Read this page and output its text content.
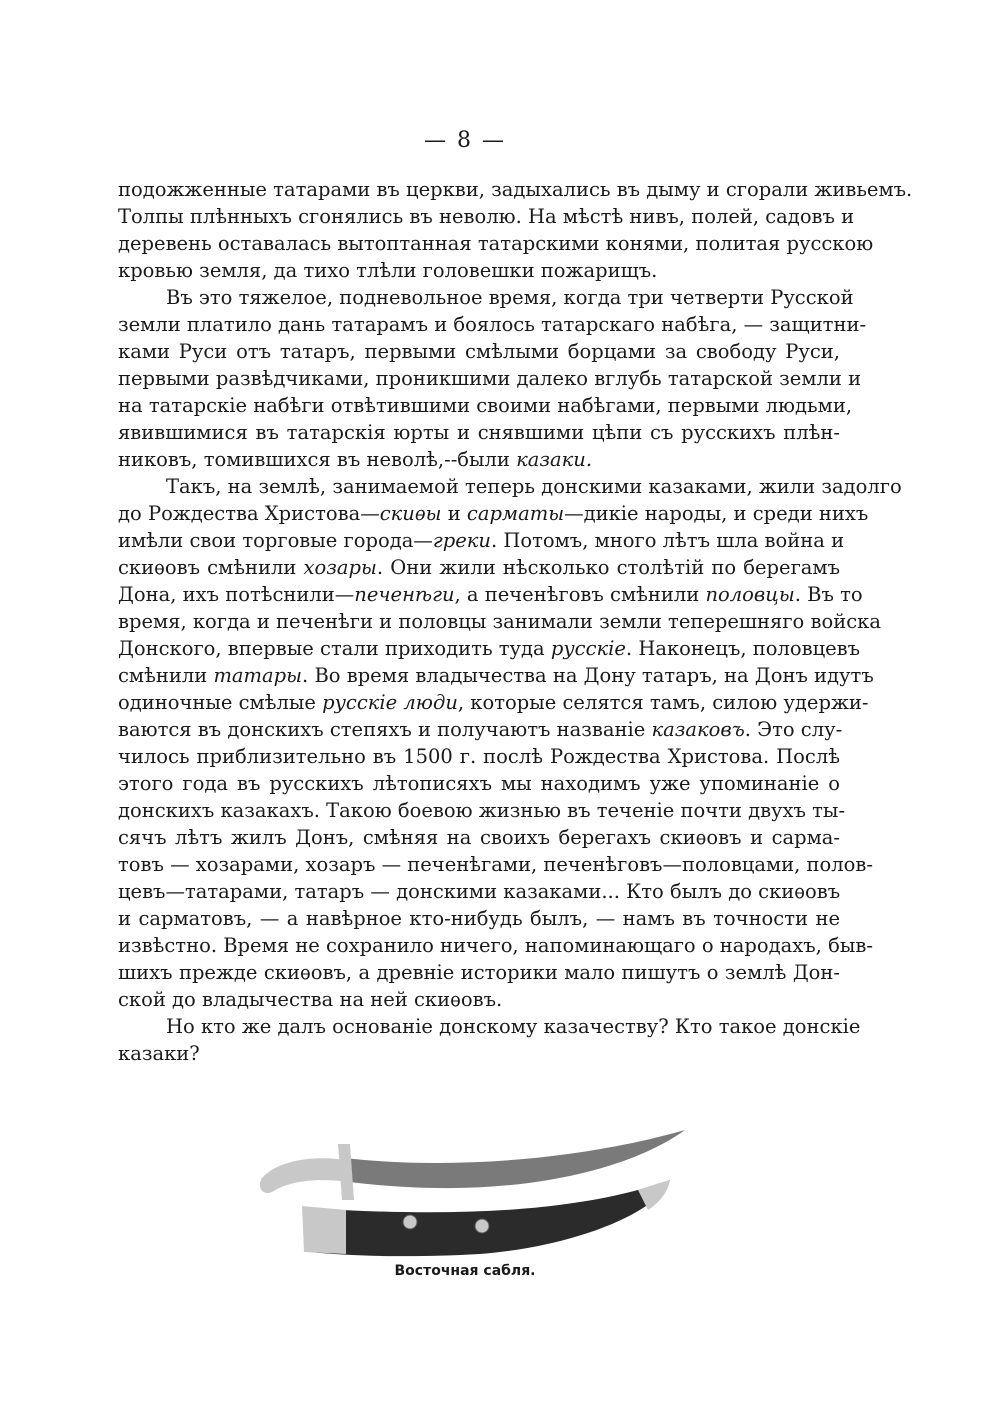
— 8 —
подожженные татарами въ церкви, задыхались въ дыму и сгорали живьемъ.
Толпы плѣнныхъ сгонялись въ неволю. На мѣстѣ нивъ, полей, садовъ и
деревень оставалась вытоптанная татарскими конями, политая русскою
кровью земля, да тихо тлѣли головешки пожарищъ.
Въ это тяжелое, подневольное время, когда три четверти Русской
земли платило дань татарамъ и боялось татарскаго набѣга, — защитни-
ками Руси отъ татаръ, первыми смѣлыми борцами за свободу Руси,
первыми развѣдчиками, проникшими далеко вглубь татарской земли и
на татарскіе набѣги отвѣтившими своими набѣгами, первыми людьми,
явившимися въ татарскія юрты и снявшими цѣпи съ русскихъ плѣн-
никовъ, томившихся въ неволѣ,--были казаки.
Такъ, на землѣ, занимаемой теперь донскими казаками, жили задолго
до Рождества Христова—скиѳы и сарматы—дикіе народы, и среди нихъ
имѣли свои торговые города—греки. Потомъ, много лѣтъ шла война и
скиѳовъ смѣнили хозары. Они жили нѣсколько столѣтій по берегамъ
Дона, ихъ потѣснили—печенѣги, а печенѣговъ смѣнили половцы. Въ то
время, когда и печенѣги и половцы занимали земли теперешняго войска
Донского, впервые стали приходить туда русскіе. Наконецъ, половцевъ
смѣнили татары. Во время владычества на Дону татаръ, на Донъ идутъ
одиночные смѣлые русскіе люди, которые селятся тамъ, силою удержи-
ваются въ донскихъ степяхъ и получаютъ названіе казаковъ. Это слу-
чилось приблизительно въ 1500 г. послѣ Рождества Христова. Послѣ
этого года въ русскихъ лѣтописяхъ мы находимъ уже упоминаніе о
донскихъ казакахъ. Такою боевою жизнью въ теченіе почти двухъ ты-
сячъ лѣтъ жилъ Донъ, смѣняя на своихъ берегахъ скиѳовъ и сарма-
товъ — хозарами, хозаръ — печенѣгами, печенѣговъ—половцами, полов-
цевъ—татарами, татаръ — донскими казаками... Кто былъ до скиѳовъ
и сарматовъ, — а навѣрное кто-нибудь былъ, — намъ въ точности не
извѣстно. Время не сохранило ничего, напоминающаго о народахъ, быв-
шихъ прежде скиѳовъ, а древніе историки мало пишутъ о землѣ Дон-
ской до владычества на ней скиѳовъ.
Но кто же далъ основаніе донскому казачеству? Кто такое донскіе
казаки?
Восточная сабля.
